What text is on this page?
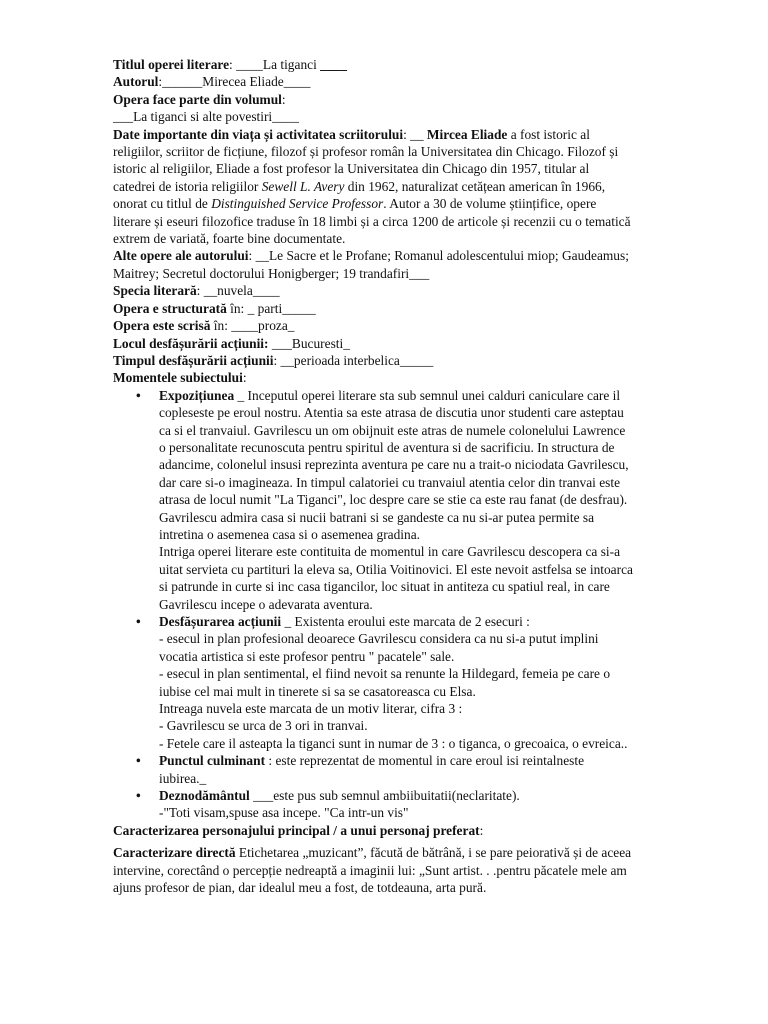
Titlul operei literare: ____La tiganci ____

Autorul:______Mirecea Eliade____

Opera face parte din volumul:

___La tiganci si alte povestiri____

Date importante din viața și activitatea scriitorului: __ Mircea Eliade a fost istoric al religiilor, scriitor de ficțiune, filozof și profesor român la Universitatea din Chicago. Filozof și istoric al religiilor, Eliade a fost profesor la Universitatea din Chicago din 1957, titular al catedrei de istoria religiilor Sewell L. Avery din 1962, naturalizat cetățean american în 1966, onorat cu titlul de Distinguished Service Professor. Autor a 30 de volume științifice, opere literare și eseuri filozofice traduse în 18 limbi și a circa 1200 de articole și recenzii cu o tematică extrem de variată, foarte bine documentate.

Alte opere ale autorului: __Le Sacre et le Profane; Romanul adolescentului miop; Gaudeamus; Maitrey; Secretul doctorului Honigberger; 19 trandafiri___

Specia literară: __nuvela____

Opera e structurată în: _ parti_____

Opera este scrisă în: ____proza_

Locul desfășurării acțiunii: ___Bucuresti_

Timpul desfășurării acțiunii: __perioada interbelica_____

Momentele subiectului:

• Expozițiunea _ Inceputul operei literare sta sub semnul unei calduri caniculare care il copleseste pe eroul nostru. Atentia sa este atrasa de discutia unor studenti care asteptau ca si el tranvaiul. Gavrilescu un om obijnuit este atras de numele colonelului Lawrence o personalitate recunoscuta pentru spiritul de aventura si de sacrificiu. In structura de adancime, colonelul insusi reprezinta aventura pe care nu a trait-o niciodata Gavrilescu, dar care si-o imagineaza. In timpul calatoriei cu tranvaiul atentia celor din tranvai este atrasa de locul numit "La Tiganci", loc despre care se stie ca este rau fanat (de desfrau).

Gavrilescu admira casa si nucii batrani si se gandeste ca nu si-ar putea permite sa intretina o asemenea casa si o asemenea gradina.

Intriga operei literare este contituita de momentul in care Gavrilescu descopera ca si-a uitat servieta cu partituri la eleva sa, Otilia Voitinovici. El este nevoit astfelsa se intoarca si patrunde in curte si inc casa tigancilor, loc situat in antiteza cu spatiul real, in care Gavrilescu incepe o adevarata aventura.

• Desfășurarea acțiunii _ Existenta eroului este marcata de 2 esecuri :

- esecul in plan profesional deoarece Gavrilescu considera ca nu si-a putut implini vocatia artistica si este profesor pentru " pacatele" sale.

- esecul in plan sentimental, el fiind nevoit sa renunte la Hildegard, femeia pe care o iubise cel mai mult in tinerete si sa se casatoreasca cu Elsa.

Intreaga nuvela este marcata de un motiv literar, cifra 3 :

- Gavrilescu se urca de 3 ori in tranvai.

- Fetele care il asteapta la tiganci sunt in numar de 3 : o tiganca, o grecoaica, o evreica..

• Punctul culminant : este reprezentat de momentul in care eroul isi reintalneste iubirea._

• Deznodământul ___este pus sub semnul ambiibuitatii(neclaritate).

-"Toti visam,spuse asa incepe. "Ca intr-un vis"

Caracterizarea personajului principal / a unui personaj preferat:

Caracterizare directă Etichetarea „muzicant”, făcută de bătrână, i se pare peiorativă și de aceea intervine, corectând o percepție nedreaptă a imaginii lui: „Sunt artist. . .pentru păcatele mele am ajuns profesor de pian, dar idealul meu a fost, de totdeauna, arta pură.
